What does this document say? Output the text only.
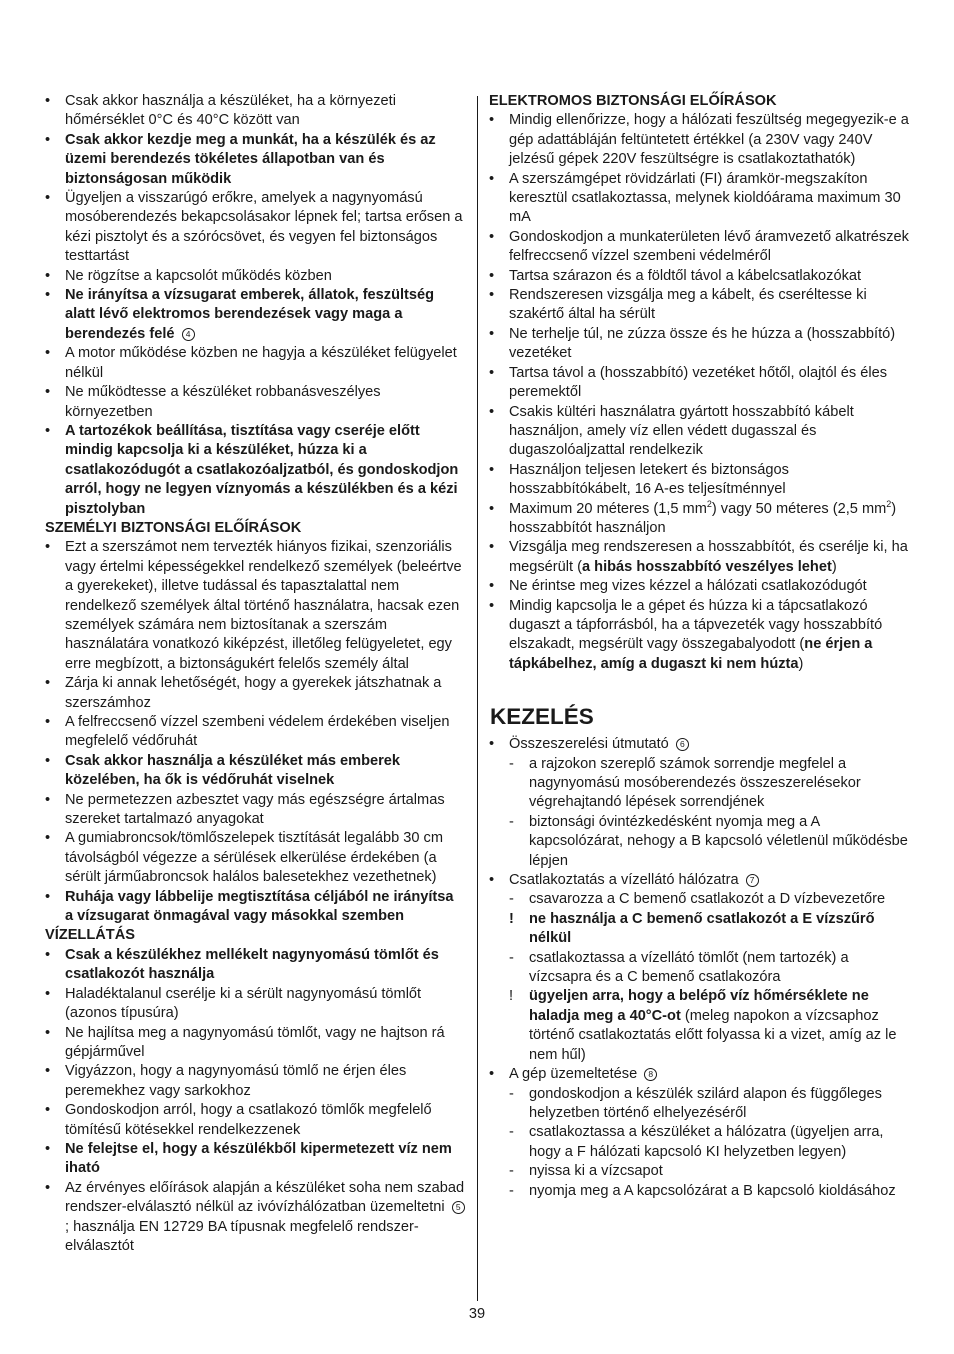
• Csak akkor használja a készüléket, ha a környezeti hőmérséklet 0°C és 40°C között van
• Csak akkor kezdje meg a munkát, ha a készülék és az üzemi berendezés tökéletes állapotban van és biztonságosan működik
• Ügyeljen a visszarúgó erőkre, amelyek a nagynyomású mosóberendezés bekapcsolásakor lépnek fel; tartsa erősen a kézi pisztolyt és a szórócsövet, és vegyen fel biztonságos testtartást
• Ne rögzítse a kapcsolót működés közben
• Ne irányítsa a vízsugarat emberek, állatok, feszültség alatt lévő elektromos berendezések vagy maga a berendezés felé 4
• A motor működése közben ne hagyja a készüléket felügyelet nélkül
• Ne működtesse a készüléket robbanásveszélyes környezetben
• A tartozékok beállítása, tisztítása vagy cseréje előtt mindig kapcsolja ki a készüléket, húzza ki a csatlakozódugót a csatlakozóaljzatból, és gondoskodjon arról, hogy ne legyen víznyomás a készülékben és a kézi pisztolyban
SZEMÉLYI BIZTONSÁGI ELŐÍRÁSOK
• Ezt a szerszámot nem tervezték hiányos fizikai, szenzoriális vagy értelmi képességekkel rendelkező személyek (beleértve a gyerekeket), illetve tudással és tapasztalattal nem rendelkező személyek által történő használatra, hacsak ezen személyek számára nem biztosítanak a szerszám használatára vonatkozó kiképzést, illetőleg felügyeletet, egy erre megbízott, a biztonságukért felelős személy által
• Zárja ki annak lehetőségét, hogy a gyerekek játszhatnak a szerszámhoz
• A felfreccsenő vízzel szembeni védelem érdekében viseljen megfelelő védőruhát
• Csak akkor használja a készüléket más emberek közelében, ha ők is védőruhát viselnek
• Ne permetezzen azbesztet vagy más egészségre ártalmas szereket tartalmazó anyagokat
• A gumiabroncsok/tömlőszelepek tisztítását legalább 30 cm távolságból végezze a sérülések elkerülése érdekében (a sérült járműabroncsok halálos balesetekhez vezethetnek)
• Ruhája vagy lábbelije megtisztítása céljából ne irányítsa a vízsugarat önmagával vagy másokkal szemben
VÍZELLÁTÁS
• Csak a készülékhez mellékelt nagynyomású tömlőt és csatlakozót használja
• Haladéktalanul cserélje ki a sérült nagynyomású tömlőt (azonos típusúra)
• Ne hajlítsa meg a nagynyomású tömlőt, vagy ne hajtson rá gépjárművel
• Vigyázzon, hogy a nagynyomású tömlő ne érjen éles peremekhez vagy sarkokhoz
• Gondoskodjon arról, hogy a csatlakozó tömlők megfelelő tömítésű kötésekkel rendelkezzenek
• Ne felejtse el, hogy a készülékből kipermetezett víz nem iható
• Az érvényes előírások alapján a készüléket soha nem szabad rendszer-elválasztó nélkül az ivóvízhálózatban üzemeltetni 5; használja EN 12729 BA típusnak megfelelő rendszer-elválasztót
ELEKTROMOS BIZTONSÁGI ELŐÍRÁSOK
• Mindig ellenőrizze, hogy a hálózati feszültség megegyezik-e a gép adattábláján feltüntetett értékkel (a 230V vagy 240V jelzésű gépek 220V feszültségre is csatlakoztathatók)
• A szerszámgépet rövidzárlati (FI) áramkör-megszakíton keresztül csatlakoztassa, melynek kioldóárama maximum 30 mA
• Gondoskodjon a munkaterületen lévő áramvezető alkatrészek felfreccsenő vízzel szembeni védelméről
• Tartsa szárazon és a földtől távol a kábelcsatlakozókat
• Rendszeresen vizsgálja meg a kábelt, és cseréltesse ki szakértő által ha sérült
• Ne terhelje túl, ne zúzza össze és he húzza a (hosszabbító) vezetéket
• Tartsa távol a (hosszabbító) vezetéket hőtől, olajtól és éles peremektől
• Csakis kültéri használatra gyártott hosszabbító kábelt használjon, amely víz ellen védett dugasszal és dugaszolóaljzattal rendelkezik
• Használjon teljesen letekert és biztonságos hosszabbítókábelt, 16 A-es teljesítménnyel
• Maximum 20 méteres (1,5 $mm^2$) vagy 50 méteres (2,5 $mm^2$) hosszabbítót használjon
• Vizsgálja meg rendszeresen a hosszabbítót, és cserélje ki, ha megsérült (a hibás hosszabbító veszélyes lehet)
• Ne érintse meg vizes kézzel a hálózati csatlakozódugót
• Mindig kapcsolja le a gépet és húzza ki a tápcsatlakozó dugaszt a tápforrásból, ha a tápvezeték vagy hosszabbító elszakadt, megsérült vagy összegabalyodott (ne érjen a tápkábelhez, amíg a dugaszt ki nem húzta)
KEZELÉS
• Összeszerelési útmutató 6
-	a rajzokon szereplő számok sorrendje megfelel a nagynyomású mosóberendezés összeszerelésekor végrehajtandó lépések sorrendjének
-	biztonsági óvintézkedésként nyomja meg a A kapcsolózárat, nehogy a B kapcsoló véletlenül működésbe lépjen
• Csatlakoztatás a vízellátó hálózatra 7
-	csavarozza a C bemenő csatlakozót a D vízbevezetőre
!	ne használja a C bemenő csatlakozót a E vízszűrő nélkül
-	csatlakoztassa a vízellátó tömlőt (nem tartozék) a vízcsapra és a C bemenő csatlakozóra
!	ügyeljen arra, hogy a belépő víz hőmérséklete ne haladja meg a 40°C-ot (meleg napokon a vízcsaphoz történő csatlakoztatás előtt folyassa ki a vizet, amíg az le nem hűl)
• A gép üzemeltetése 8
-	gondoskodjon a készülék szilárd alapon és függőleges helyzetben történő elhelyezéséről
-	csatlakoztassa a készüléket a hálózatra (ügyeljen arra, hogy a F hálózati kapcsoló KI helyzetben legyen)
-	nyissa ki a vízcsapot
-	nyomja meg a A kapcsolózárat a B kapcsoló kioldásához
39
